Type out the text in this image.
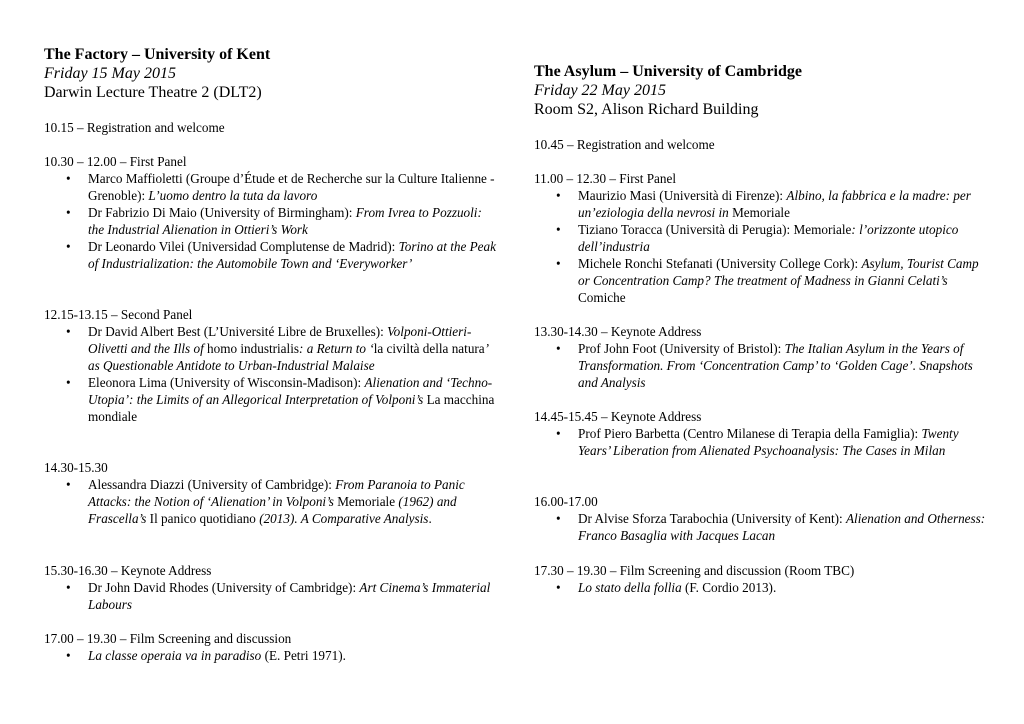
The Factory – University of Kent
Friday 15 May 2015
Darwin Lecture Theatre 2 (DLT2)
10.15 – Registration and welcome
10.30 – 12.00 – First Panel
• Marco Maffioletti (Groupe d’Étude et de Recherche sur la Culture Italienne - Grenoble): L’uomo dentro la tuta da lavoro
• Dr Fabrizio Di Maio (University of Birmingham): From Ivrea to Pozzuoli: the Industrial Alienation in Ottieri’s Work
• Dr Leonardo Vilei (Universidad Complutense de Madrid): Torino at the Peak of Industrialization: the Automobile Town and ‘Everyworker’
12.15-13.15 – Second Panel
• Dr David Albert Best (L’Université Libre de Bruxelles): Volponi-Ottieri-Olivetti and the Ills of homo industrialis: a Return to ‘la civiltà della natura’ as Questionable Antidote to Urban-Industrial Malaise
• Eleonora Lima (University of Wisconsin-Madison): Alienation and ‘Techno-Utopia’: the Limits of an Allegorical Interpretation of Volponi’s La macchina mondiale
14.30-15.30
• Alessandra Diazzi (University of Cambridge): From Paranoia to Panic Attacks: the Notion of ‘Alienation’ in Volponi’s Memoriale (1962) and Frascella’s Il panico quotidiano (2013). A Comparative Analysis.
15.30-16.30 – Keynote Address
• Dr John David Rhodes (University of Cambridge): Art Cinema’s Immaterial Labours
17.00 – 19.30 – Film Screening and discussion
• La classe operaia va in paradiso (E. Petri 1971).
The Asylum – University of Cambridge
Friday 22 May 2015
Room S2, Alison Richard Building
10.45 – Registration and welcome
11.00 – 12.30 – First Panel
• Maurizio Masi (Università di Firenze): Albino, la fabbrica e la madre: per un’eziologia della nevrosi in Memoriale
• Tiziano Toracca (Università di Perugia): Memoriale: l’orizzonte utopico dell’industria
• Michele Ronchi Stefanati (University College Cork): Asylum, Tourist Camp or Concentration Camp? The treatment of Madness in Gianni Celati’s Comiche
13.30-14.30 – Keynote Address
• Prof John Foot (University of Bristol): The Italian Asylum in the Years of Transformation. From ‘Concentration Camp’ to ‘Golden Cage’. Snapshots and Analysis
14.45-15.45 – Keynote Address
• Prof Piero Barbetta (Centro Milanese di Terapia della Famiglia): Twenty Years’ Liberation from Alienated Psychoanalysis: The Cases in Milan
16.00-17.00
• Dr Alvise Sforza Tarabochia (University of Kent): Alienation and Otherness: Franco Basaglia with Jacques Lacan
17.30 – 19.30 – Film Screening and discussion (Room TBC)
• Lo stato della follia (F. Cordio 2013).
